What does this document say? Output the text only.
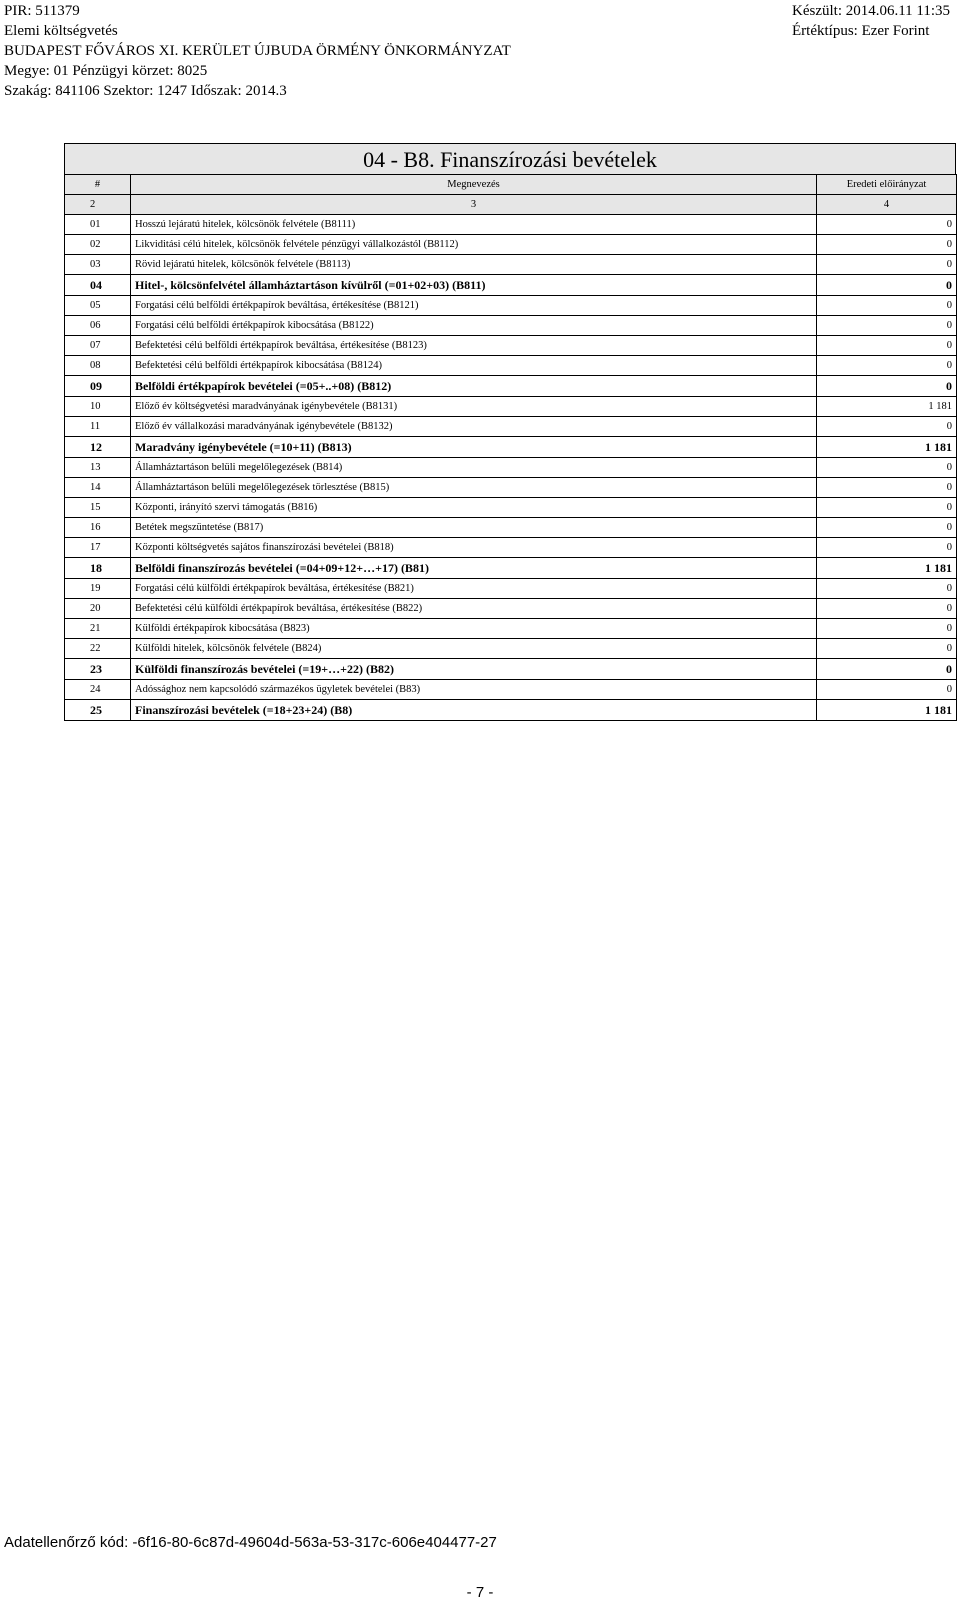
PIR: 511379
Elemi költségvetés
BUDAPEST FŐVÁROS XI. KERÜLET ÚJBUDA ÖRMÉNY ÖNKORMÁNYZAT
Megye: 01 Pénzügyi körzet: 8025
Szakág: 841106 Szektor: 1247 Időszak: 2014.3
Készült: 2014.06.11 11:35
Értéktípus: Ezer Forint
04 - B8. Finanszírozási bevételek
#	Megnevezés	Eredeti előirányzat
2	3	4
01	Hosszú lejáratú hitelek, kölcsönök felvétele (B8111)	0
02	Likviditási célú hitelek, kölcsönök felvétele pénzügyi vállalkozástól (B8112)	0
03	Rövid lejáratú hitelek, kölcsönök felvétele (B8113)	0
04	Hitel-, kölcsönfelvétel államháztartáson kívülről (=01+02+03) (B811)	0
05	Forgatási célú belföldi értékpapírok beváltása, értékesítése (B8121)	0
06	Forgatási célú belföldi értékpapírok kibocsátása (B8122)	0
07	Befektetési célú belföldi értékpapírok beváltása, értékesítése (B8123)	0
08	Befektetési célú belföldi értékpapírok kibocsátása (B8124)	0
09	Belföldi értékpapírok bevételei (=05+..+08) (B812)	0
10	Előző év költségvetési maradványának igénybevétele (B8131)	1 181
11	Előző év vállalkozási maradványának igénybevétele (B8132)	0
12	Maradvány igénybevétele (=10+11) (B813)	1 181
13	Államháztartáson belüli megelőlegezések (B814)	0
14	Államháztartáson belüli megelőlegezések törlesztése (B815)	0
15	Központi, irányító szervi támogatás (B816)	0
16	Betétek megszüntetése (B817)	0
17	Központi költségvetés sajátos finanszírozási bevételei (B818)	0
18	Belföldi finanszírozás bevételei (=04+09+12+…+17) (B81)	1 181
19	Forgatási célú külföldi értékpapírok beváltása, értékesítése (B821)	0
20	Befektetési célú külföldi értékpapírok beváltása, értékesítése (B822)	0
21	Külföldi értékpapírok kibocsátása (B823)	0
22	Külföldi hitelek, kölcsönök felvétele (B824)	0
23	Külföldi finanszírozás bevételei (=19+…+22) (B82)	0
24	Adóssághoz nem kapcsolódó származékos ügyletek bevételei (B83)	0
25	Finanszírozási bevételek (=18+23+24) (B8)	1 181
Adatellenőrző kód: -6f16-80-6c87d-49604d-563a-53-317c-606e404477-27
- 7 -
